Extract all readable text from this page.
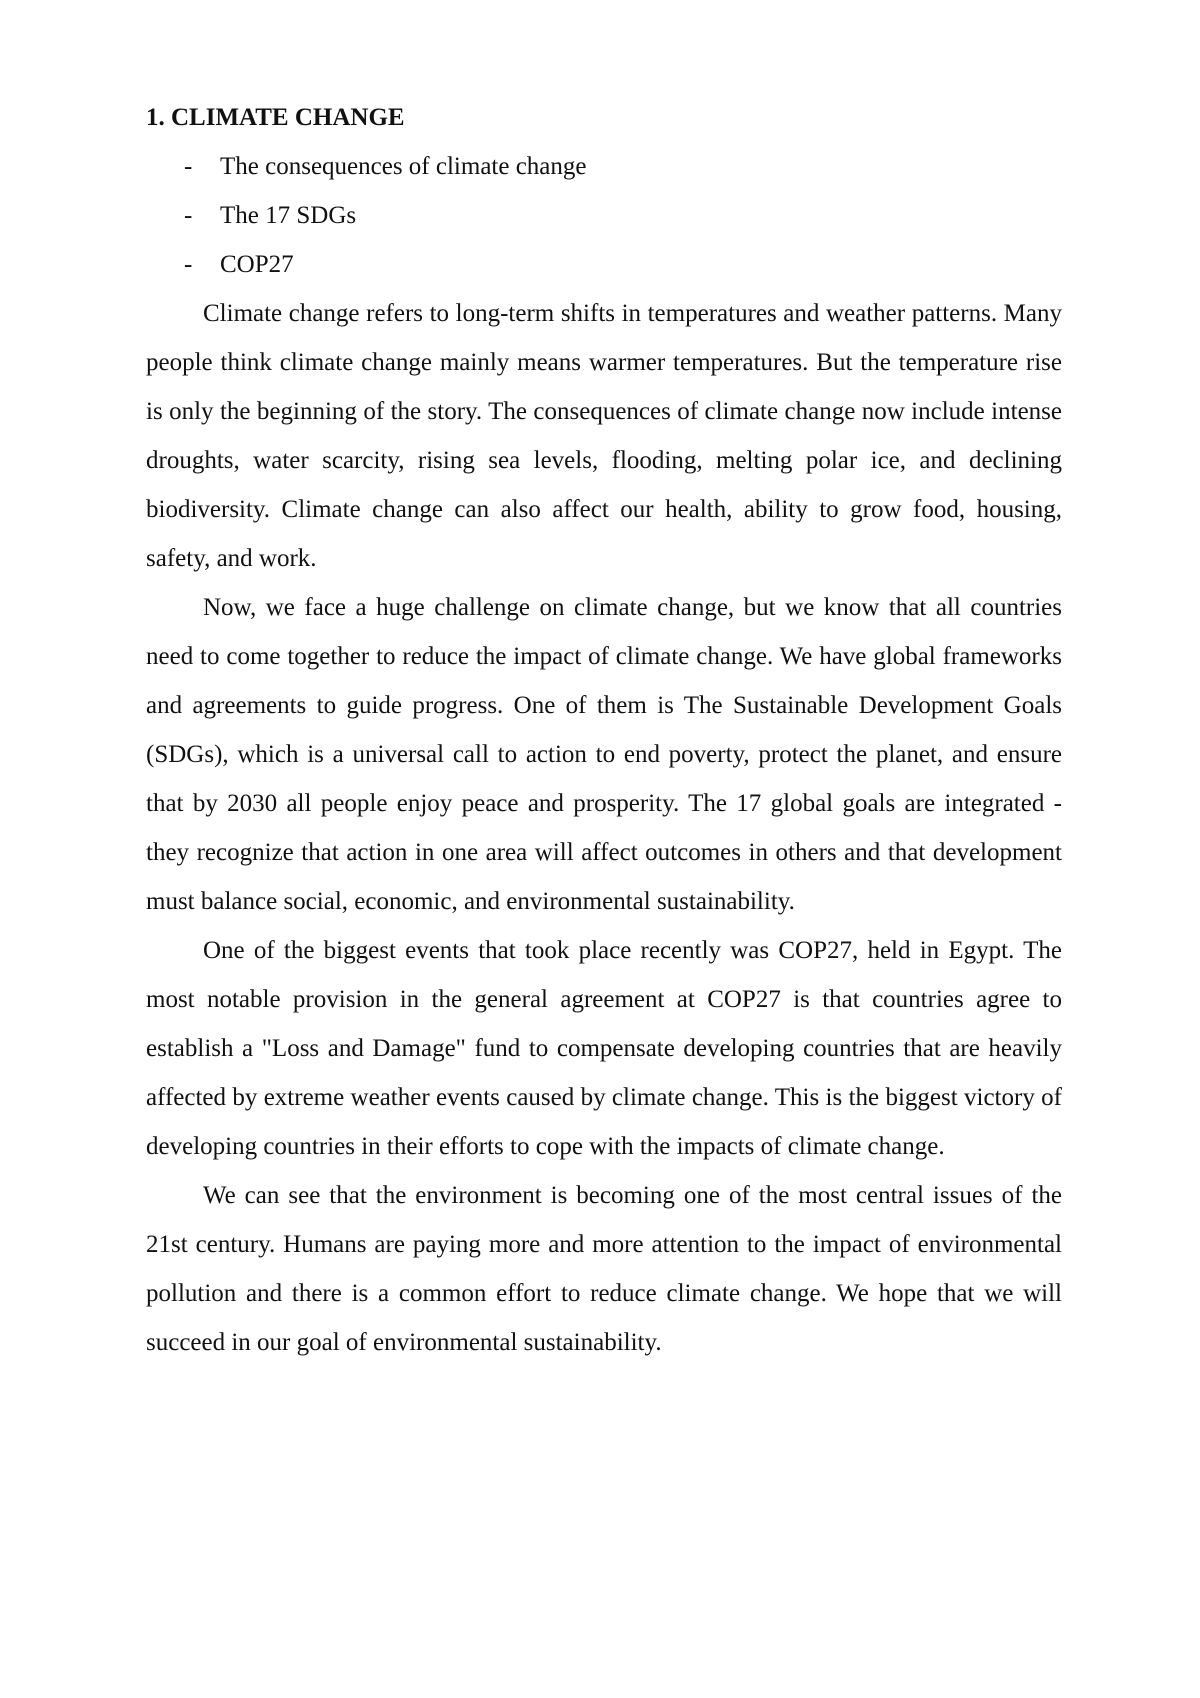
1. CLIMATE CHANGE
- The consequences of climate change
- The 17 SDGs
- COP27

Climate change refers to long-term shifts in temperatures and weather patterns. Many people think climate change mainly means warmer temperatures. But the temperature rise is only the beginning of the story. The consequences of climate change now include intense droughts, water scarcity, rising sea levels, flooding, melting polar ice, and declining biodiversity. Climate change can also affect our health, ability to grow food, housing, safety, and work.

Now, we face a huge challenge on climate change, but we know that all countries need to come together to reduce the impact of climate change. We have global frameworks and agreements to guide progress. One of them is The Sustainable Development Goals (SDGs), which is a universal call to action to end poverty, protect the planet, and ensure that by 2030 all people enjoy peace and prosperity. The 17 global goals are integrated - they recognize that action in one area will affect outcomes in others and that development must balance social, economic, and environmental sustainability.

One of the biggest events that took place recently was COP27, held in Egypt. The most notable provision in the general agreement at COP27 is that countries agree to establish a "Loss and Damage" fund to compensate developing countries that are heavily affected by extreme weather events caused by climate change. This is the biggest victory of developing countries in their efforts to cope with the impacts of climate change.

We can see that the environment is becoming one of the most central issues of the 21st century. Humans are paying more and more attention to the impact of environmental pollution and there is a common effort to reduce climate change. We hope that we will succeed in our goal of environmental sustainability.
